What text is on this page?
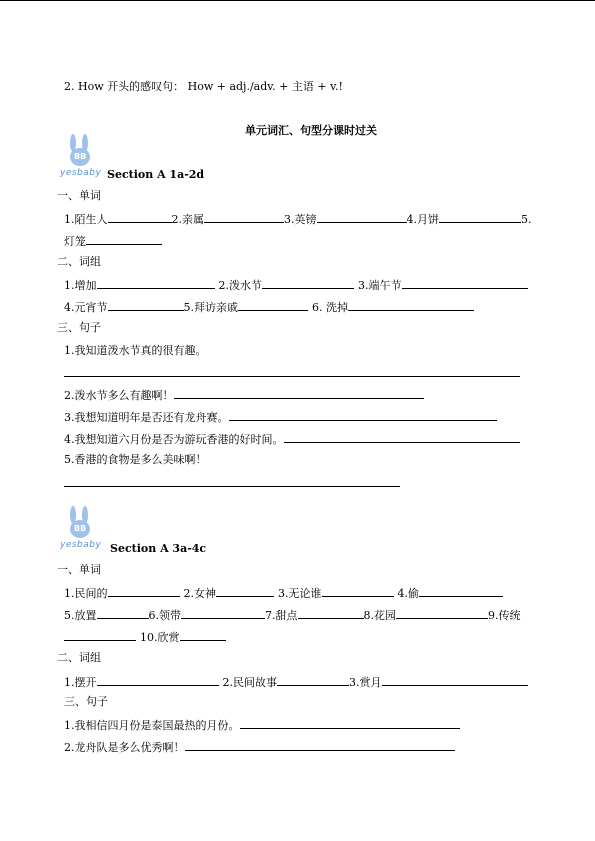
2. How 开头的感叹句： How + adj./adv. + 主语 + v.!
单元词汇、句型分课时过关
BB
yesbaby Section A 1a-2d
一、单词
1.陌生人	2.亲属	3.英镑	4.月饼	5.
灯笼
二、词组
1.增加	2.泼水节	3.端午节
4.元宵节	5.拜访亲戚	6. 洗掉
三、句子
1.我知道泼水节真的很有趣。
2.泼水节多么有趣啊！
3.我想知道明年是否还有龙舟赛。
4.我想知道六月份是否为游玩香港的好时间。
5.香港的食物是多么美味啊！
BB
yesbaby Section A 3a-4c
一、单词
1.民间的	2.女神	3.无论谁	4.偷
5.放置	6.领带	7.甜点	8.花园	9.传统
10.欣赏
二、词组
1.摆开	2.民间故事	3.赏月
三、句子
1.我相信四月份是泰国最热的月份。
2.龙舟队是多么优秀啊！
